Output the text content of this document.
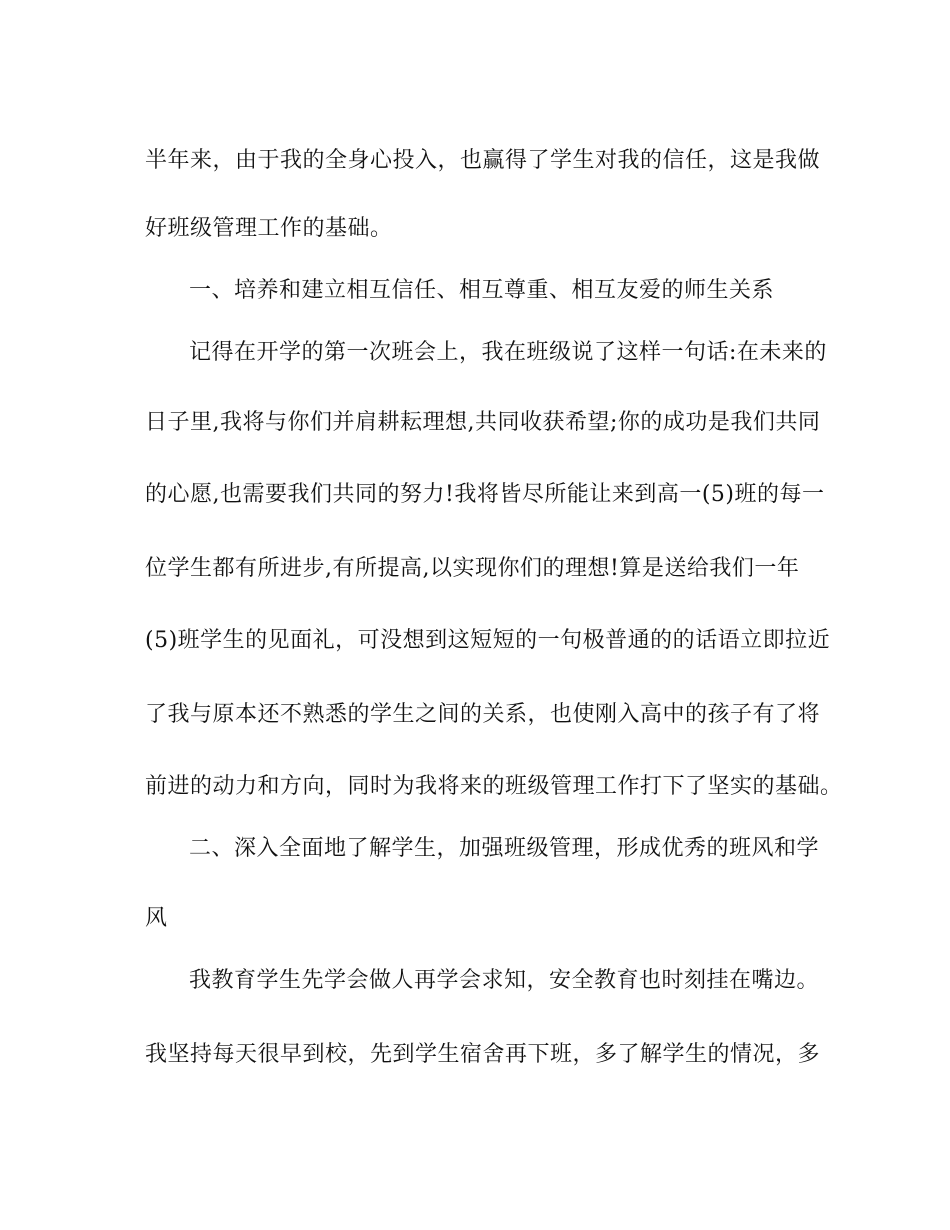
半年来，由于我的全身心投入，也赢得了学生对我的信任，这是我做
好班级管理工作的基础。
一、培养和建立相互信任、相互尊重、相互友爱的师生关系
记得在开学的第一次班会上，我在班级说了这样一句话:在未来的
日子里,我将与你们并肩耕耘理想,共同收获希望;你的成功是我们共同
的心愿,也需要我们共同的努力!我将皆尽所能让来到高一(5)班的每一
位学生都有所进步,有所提高,以实现你们的理想!算是送给我们一年
(5)班学生的见面礼，可没想到这短短的一句极普通的的话语立即拉近
了我与原本还不熟悉的学生之间的关系，也使刚入高中的孩子有了将
前进的动力和方向，同时为我将来的班级管理工作打下了坚实的基础。
二、深入全面地了解学生，加强班级管理，形成优秀的班风和学
风
我教育学生先学会做人再学会求知，安全教育也时刻挂在嘴边。
我坚持每天很早到校，先到学生宿舍再下班，多了解学生的情况，多
